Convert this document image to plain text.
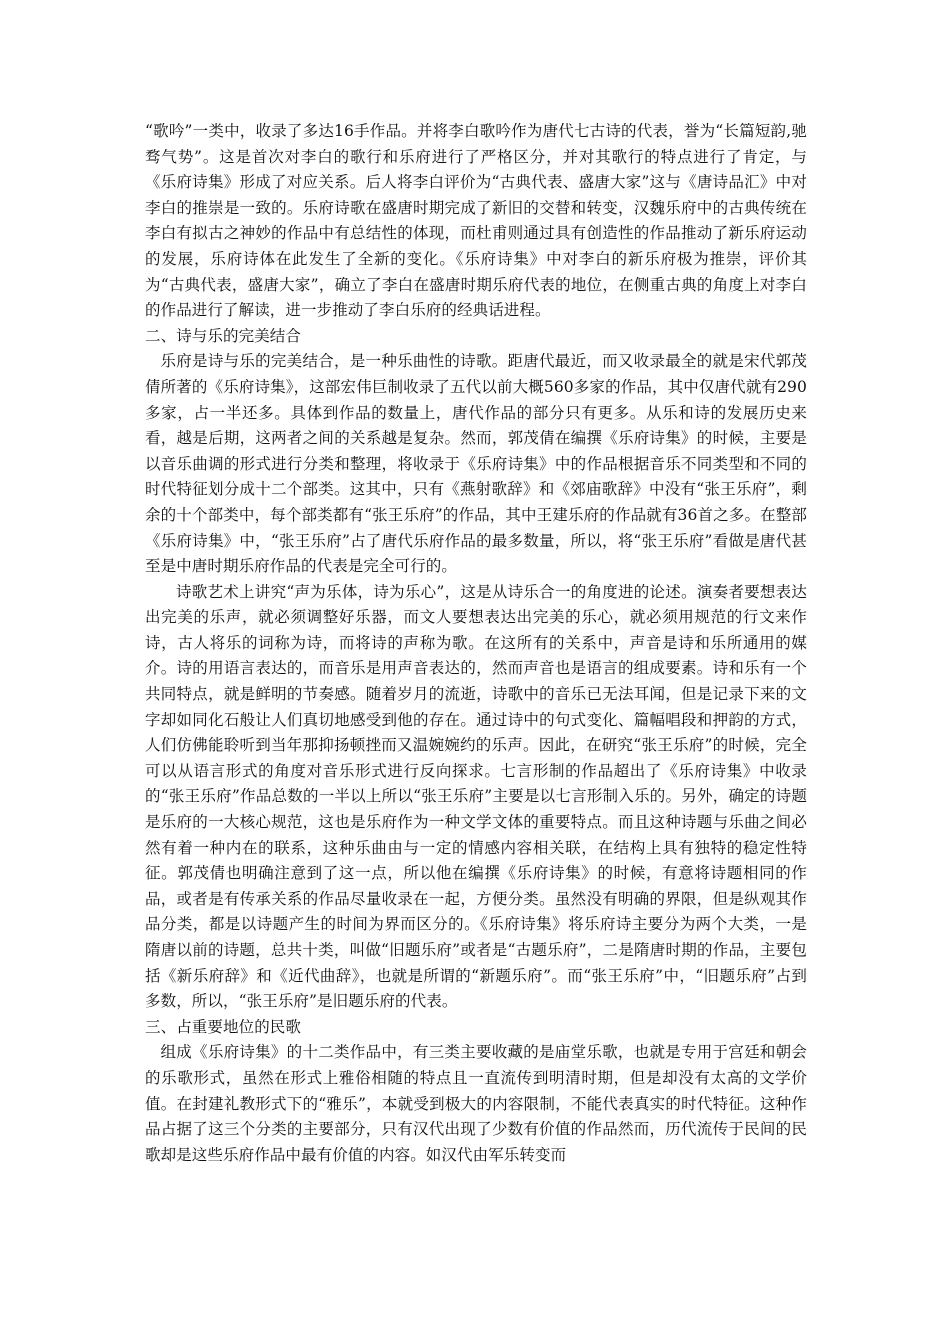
“歌吟”一类中，收录了多达16手作品。并将李白歌吟作为唐代七古诗的代表，誉为“长篇短韵,驰骛气势”。这是首次对李白的歌行和乐府进行了严格区分，并对其歌行的特点进行了肯定，与《乐府诗集》形成了对应关系。后人将李白评价为“古典代表、盛唐大家”这与《唐诗品汇》中对李白的推崇是一致的。乐府诗歌在盛唐时期完成了新旧的交替和转变，汉魏乐府中的古典传统在李白有拟古之神妙的作品中有总结性的体现，而杜甫则通过具有创造性的作品推动了新乐府运动的发展，乐府诗体在此发生了全新的变化。《乐府诗集》中对李白的新乐府极为推崇，评价其为“古典代表，盛唐大家”，确立了李白在盛唐时期乐府代表的地位，在侧重古典的角度上对李白的作品进行了解读，进一步推动了李白乐府的经典话进程。

二、诗与乐的完美结合

乐府是诗与乐的完美结合，是一种乐曲性的诗歌。距唐代最近，而又收录最全的就是宋代郭茂倩所著的《乐府诗集》，这部宏伟巨制收录了五代以前大概560多家的作品，其中仅唐代就有290多家，占一半还多。具体到作品的数量上，唐代作品的部分只有更多。从乐和诗的发展历史来看，越是后期，这两者之间的关系越是复杂。然而，郭茂倩在编撰《乐府诗集》的时候，主要是以音乐曲调的形式进行分类和整理，将收录于《乐府诗集》中的作品根据音乐不同类型和不同的时代特征划分成十二个部类。这其中，只有《燕射歌辞》和《郊庙歌辞》中没有“张王乐府”，剩余的十个部类中，每个部类都有“张王乐府”的作品，其中王建乐府的作品就有36首之多。在整部《乐府诗集》中，“张王乐府”占了唐代乐府作品的最多数量，所以，将“张王乐府”看做是唐代甚至是中唐时期乐府作品的代表是完全可行的。

诗歌艺术上讲究“声为乐体，诗为乐心”，这是从诗乐合一的角度进的论述。演奏者要想表达出完美的乐声，就必须调整好乐器，而文人要想表达出完美的乐心，就必须用规范的行文来作诗，古人将乐的词称为诗，而将诗的声称为歌。在这所有的关系中，声音是诗和乐所通用的媒介。诗的用语言表达的，而音乐是用声音表达的，然而声音也是语言的组成要素。诗和乐有一个共同特点，就是鲜明的节奏感。随着岁月的流逝，诗歌中的音乐已无法耳闻，但是记录下来的文字却如同化石般让人们真切地感受到他的存在。通过诗中的句式变化、篇幅唱段和押韵的方式，人们仿佛能聆听到当年那抑扬顿挫而又温婉婉约的乐声。因此，在研究“张王乐府”的时候，完全可以从语言形式的角度对音乐形式进行反向探求。七言形制的作品超出了《乐府诗集》中收录的“张王乐府”作品总数的一半以上所以“张王乐府”主要是以七言形制入乐的。另外，确定的诗题是乐府的一大核心规范，这也是乐府作为一种文学文体的重要特点。而且这种诗题与乐曲之间必然有着一种内在的联系，这种乐曲由与一定的情感内容相关联，在结构上具有独特的稳定性特征。郭茂倩也明确注意到了这一点，所以他在编撰《乐府诗集》的时候，有意将诗题相同的作品，或者是有传承关系的作品尽量收录在一起，方便分类。虽然没有明确的界限，但是纵观其作品分类，都是以诗题产生的时间为界而区分的。《乐府诗集》将乐府诗主要分为两个大类，一是隋唐以前的诗题，总共十类，叫做“旧题乐府”或者是“古题乐府”，二是隋唐时期的作品，主要包括《新乐府辞》和《近代曲辞》，也就是所谓的“新题乐府”。而“张王乐府”中，“旧题乐府”占到多数，所以，“张王乐府”是旧题乐府的代表。

三、占重要地位的民歌

组成《乐府诗集》的十二类作品中，有三类主要收藏的是庙堂乐歌，也就是专用于宫廷和朝会的乐歌形式，虽然在形式上雅俗相随的特点且一直流传到明清时期，但是却没有太高的文学价值。在封建礼教形式下的“雅乐”，本就受到极大的内容限制，不能代表真实的时代特征。这种作品占据了这三个分类的主要部分，只有汉代出现了少数有价值的作品然而，历代流传于民间的民歌却是这些乐府作品中最有价值的内容。如汉代由军乐转变而
